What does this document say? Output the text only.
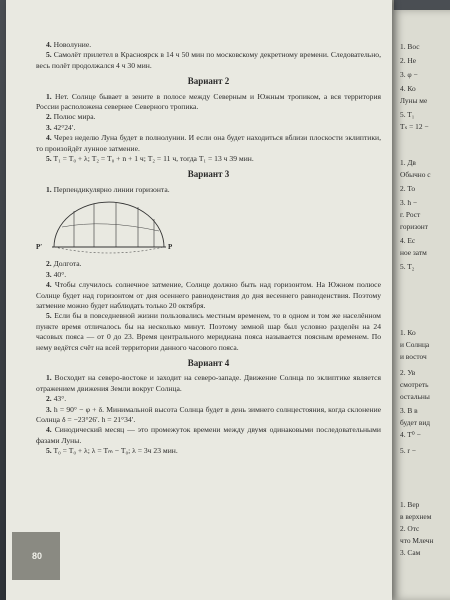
1. Вос
2. Не
3. φ −
4. Ко
Луны ме
5. T₁
Tₛ = 12 −
1. Дв
Обычно с
2. То
3. h −
г. Рост
горизонт
4. Ес
ное затм
5. T₂
1. Ко
и Солнца
и восточ
2. Ув
смотреть
остальны
3. В в
будет вид
4. T⁰ −
5. r −
1. Вер
в верхнем
2. Отс
что Млечн
3. Сам

4. Новолуние.

5. Самолёт прилетел в Красноярск в 14 ч 50 мин по московскому декретному времени. Следовательно, весь полёт продолжался 4 ч 30 мин.

Вариант 2

1. Нет. Солнце бывает в зените в полосе между Северным и Южным тропиком, а вся территория России расположена севернее Северного тропика.

2. Полюс мира.

3. 42°24′.

4. Через неделю Луна будет в полнолунии. И если она будет находиться вблизи плоскости эклиптики, то произойдёт лунное затмение.

5. T₁ = T₀ + λ; T₂ = T₀ + n + 1 ч; T₂ = 11 ч, тогда T₁ = 13 ч 39 мин.

Вариант 3

1. Перпендикулярно линии горизонта.

P′	P

2. Долгота.

3. 40°.

4. Чтобы случилось солнечное затмение, Солнце должно быть над горизонтом. На Южном полюсе Солнце будет над горизонтом от дня осеннего равноденствия до дня весеннего равноденствия. Поэтому затмение можно будет наблюдать только 20 октября.

5. Если бы в повседневной жизни пользовались местным временем, то в одном и том же населённом пункте время отличалось бы на несколько минут. Поэтому земной шар был условно разделён на 24 часовых пояса — от 0 до 23. Время центрального меридиана пояса называется поясным временем. По нему ведётся счёт на всей территории данного часового пояса.

Вариант 4

1. Восходит на северо-востоке и заходит на северо-западе. Движение Солнца по эклиптике является отражением движения Земли вокруг Солнца.

2. 43°.

3. h = 90° − φ + δ. Минимальной высота Солнца будет в день зимнего солнцестояния, когда склонение Солнца δ = −23°26′. h = 21°34′.

4. Синодический месяц — это промежуток времени между двумя одинаковыми последовательными фазами Луны.

5. T₀ = T₀ + λ; λ = Tₘ − T₀; λ = 3ч 23 мин.

80
